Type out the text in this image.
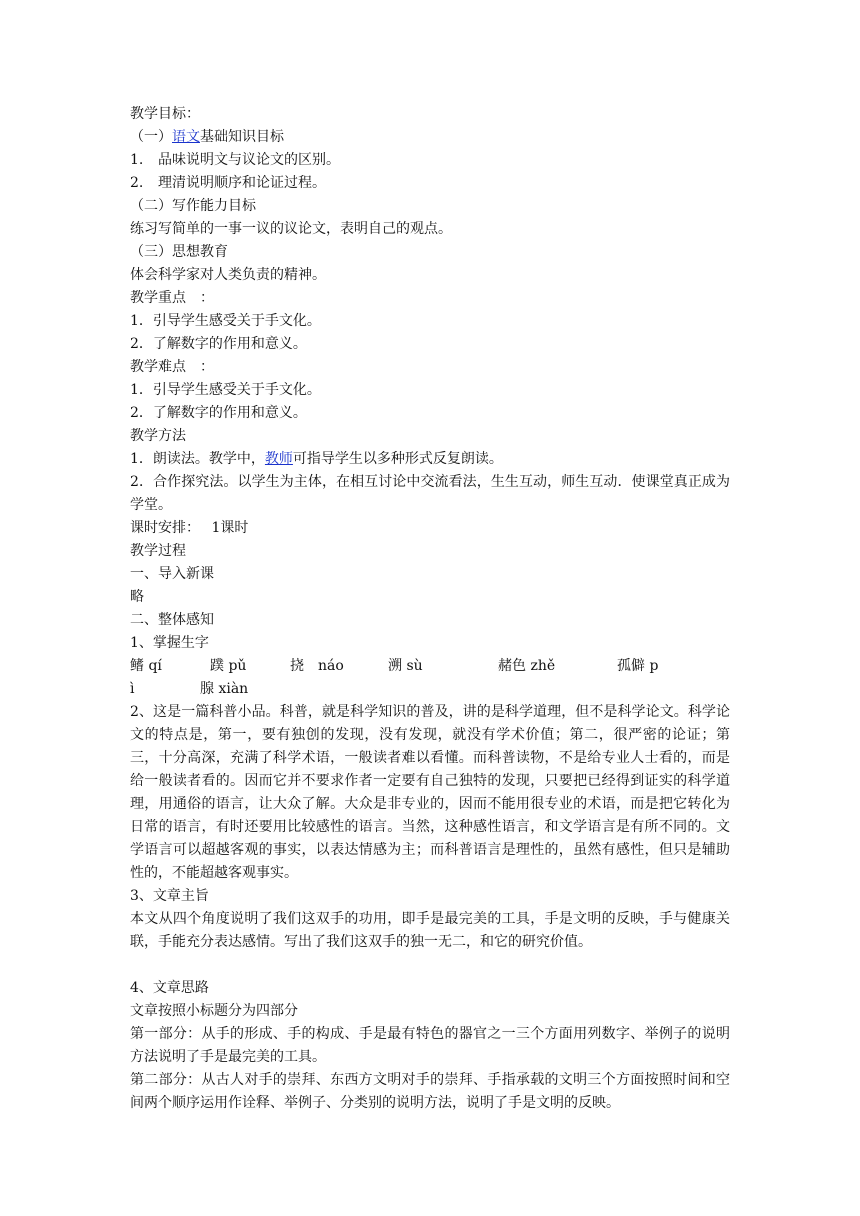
教学目标：
（一）语文基础知识目标
1. 品味说明文与议论文的区别。
2. 理清说明顺序和论证过程。
（二）写作能力目标
练习写简单的一事一议的议论文，表明自己的观点。
（三）思想教育
体会科学家对人类负责的精神。
教学重点　：
1．引导学生感受关于手文化。
2．了解数字的作用和意义。
教学难点　：
1．引导学生感受关于手文化。
2．了解数字的作用和意义。
教学方法
1．朗读法。教学中，教师可指导学生以多种形式反复朗读。
2．合作探究法。以学生为主体，在相互讨论中交流看法，生生互动，师生互动．使课堂真正成为学堂。
课时安排：　 1课时
教学过程
一、导入新课
略
二、整体感知
1、掌握生字
鳍 qí	蹼 pǔ	挠　náo	溯 sù	赭色 zhě	孤僻 p
ì	腺 xiàn
2、这是一篇科普小品。科普，就是科学知识的普及，讲的是科学道理，但不是科学论文。科学论文的特点是，第一，要有独创的发现，没有发现，就没有学术价值；第二，很严密的论证；第三，十分高深，充满了科学术语，一般读者难以看懂。而科普读物，不是给专业人士看的，而是给一般读者看的。因而它并不要求作者一定要有自己独特的发现，只要把已经得到证实的科学道理，用通俗的语言，让大众了解。大众是非专业的，因而不能用很专业的术语，而是把它转化为日常的语言，有时还要用比较感性的语言。当然，这种感性语言，和文学语言是有所不同的。文学语言可以超越客观的事实，以表达情感为主；而科普语言是理性的，虽然有感性，但只是辅助性的，不能超越客观事实。
3、文章主旨
本文从四个角度说明了我们这双手的功用，即手是最完美的工具，手是文明的反映，手与健康关联，手能充分表达感情。写出了我们这双手的独一无二，和它的研究价值。
4、文章思路
文章按照小标题分为四部分
第一部分：从手的形成、手的构成、手是最有特色的器官之一三个方面用列数字、举例子的说明方法说明了手是最完美的工具。
第二部分：从古人对手的崇拜、东西方文明对手的崇拜、手指承载的文明三个方面按照时间和空间两个顺序运用作诠释、举例子、分类别的说明方法，说明了手是文明的反映。
